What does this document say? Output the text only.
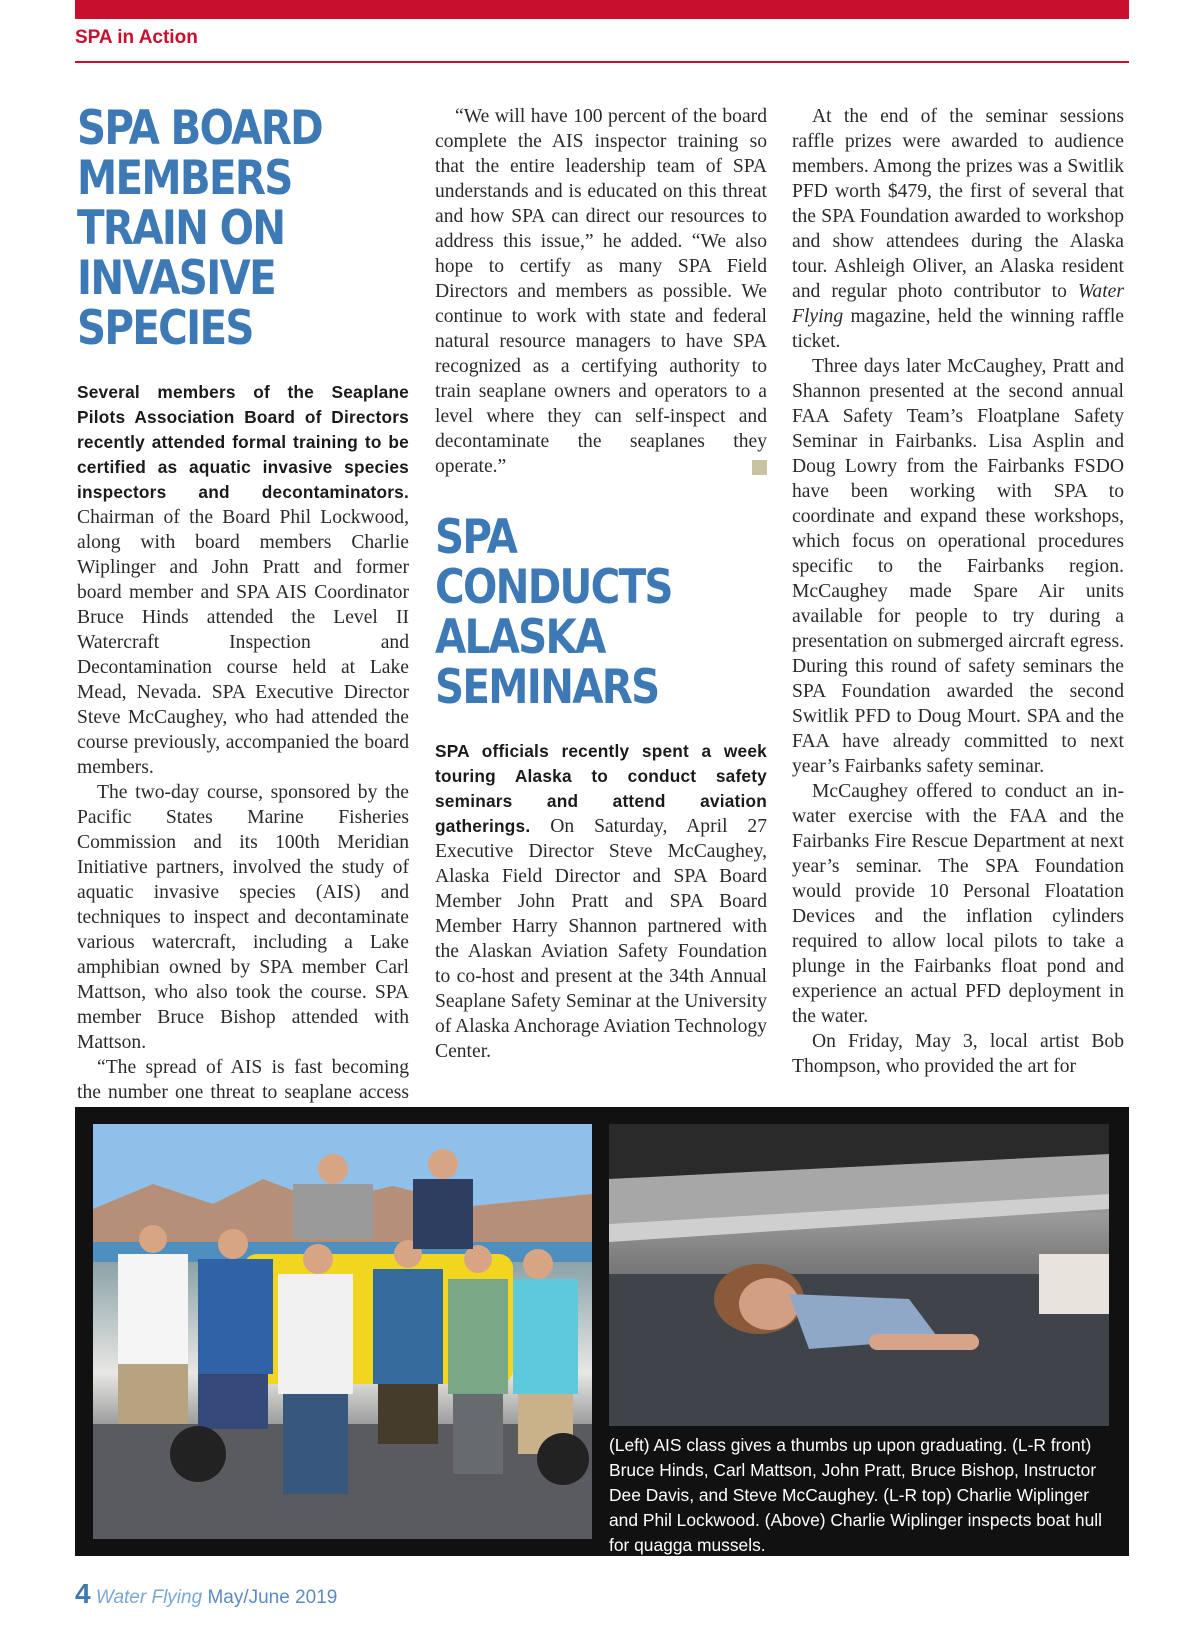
SPA in Action
SPA BOARD MEMBERS TRAIN ON INVASIVE SPECIES

Several members of the Seaplane Pilots Association Board of Directors recently attended formal training to be certified as aquatic invasive species inspectors and decontaminators. Chairman of the Board Phil Lockwood, along with board members Charlie Wiplinger and John Pratt and former board member and SPA AIS Coordinator Bruce Hinds attended the Level II Watercraft Inspection and Decontamination course held at Lake Mead, Nevada. SPA Executive Director Steve McCaughey, who had attended the course previously, accompanied the board members.

The two-day course, sponsored by the Pacific States Marine Fisheries Commission and its 100th Meridian Initiative partners, involved the study of aquatic invasive species (AIS) and techniques to inspect and decontaminate various watercraft, including a Lake amphibian owned by SPA member Carl Mattson, who also took the course. SPA member Bruce Bishop attended with Mattson.

“The spread of AIS is fast becoming the number one threat to seaplane access

“We will have 100 percent of the board complete the AIS inspector training so that the entire leadership team of SPA understands and is educated on this threat and how SPA can direct our resources to address this issue,” he added. “We also hope to certify as many SPA Field Directors and members as possible. We continue to work with state and federal natural resource managers to have SPA recognized as a certifying authority to train seaplane owners and operators to a level where they can self-inspect and decontaminate the seaplanes they operate.”

SPA CONDUCTS ALASKA SEMINARS

SPA officials recently spent a week touring Alaska to conduct safety seminars and attend aviation gatherings. On Saturday, April 27 Executive Director Steve McCaughey, Alaska Field Director and SPA Board Member John Pratt and SPA Board Member Harry Shannon partnered with the Alaskan Aviation Safety Foundation to co-host and present at the 34th Annual Seaplane Safety Seminar at the University of Alaska Anchorage Aviation Technology Center.

At the end of the seminar sessions raffle prizes were awarded to audience members. Among the prizes was a Switlik PFD worth $479, the first of several that the SPA Foundation awarded to workshop and show attendees during the Alaska tour. Ashleigh Oliver, an Alaska resident and regular photo contributor to Water Flying magazine, held the winning raffle ticket.

Three days later McCaughey, Pratt and Shannon presented at the second annual FAA Safety Team’s Floatplane Safety Seminar in Fairbanks. Lisa Asplin and Doug Lowry from the Fairbanks FSDO have been working with SPA to coordinate and expand these workshops, which focus on operational procedures specific to the Fairbanks region. McCaughey made Spare Air units available for people to try during a presentation on submerged aircraft egress. During this round of safety seminars the SPA Foundation awarded the second Switlik PFD to Doug Mourt. SPA and the FAA have already committed to next year’s Fairbanks safety seminar.

McCaughey offered to conduct an in-water exercise with the FAA and the Fairbanks Fire Rescue Department at next year’s seminar. The SPA Foundation would provide 10 Personal Floatation Devices and the inflation cylinders required to allow local pilots to take a plunge in the Fairbanks float pond and experience an actual PFD deployment in the water.

On Friday, May 3, local artist Bob Thompson, who provided the art for

(Left) AIS class gives a thumbs up upon graduating. (L-R front) Bruce Hinds, Carl Mattson, John Pratt, Bruce Bishop, Instructor Dee Davis, and Steve McCaughey. (L-R top) Charlie Wiplinger and Phil Lockwood. (Above) Charlie Wiplinger inspects boat hull for quagga mussels.
4 Water Flying May/June 2019
